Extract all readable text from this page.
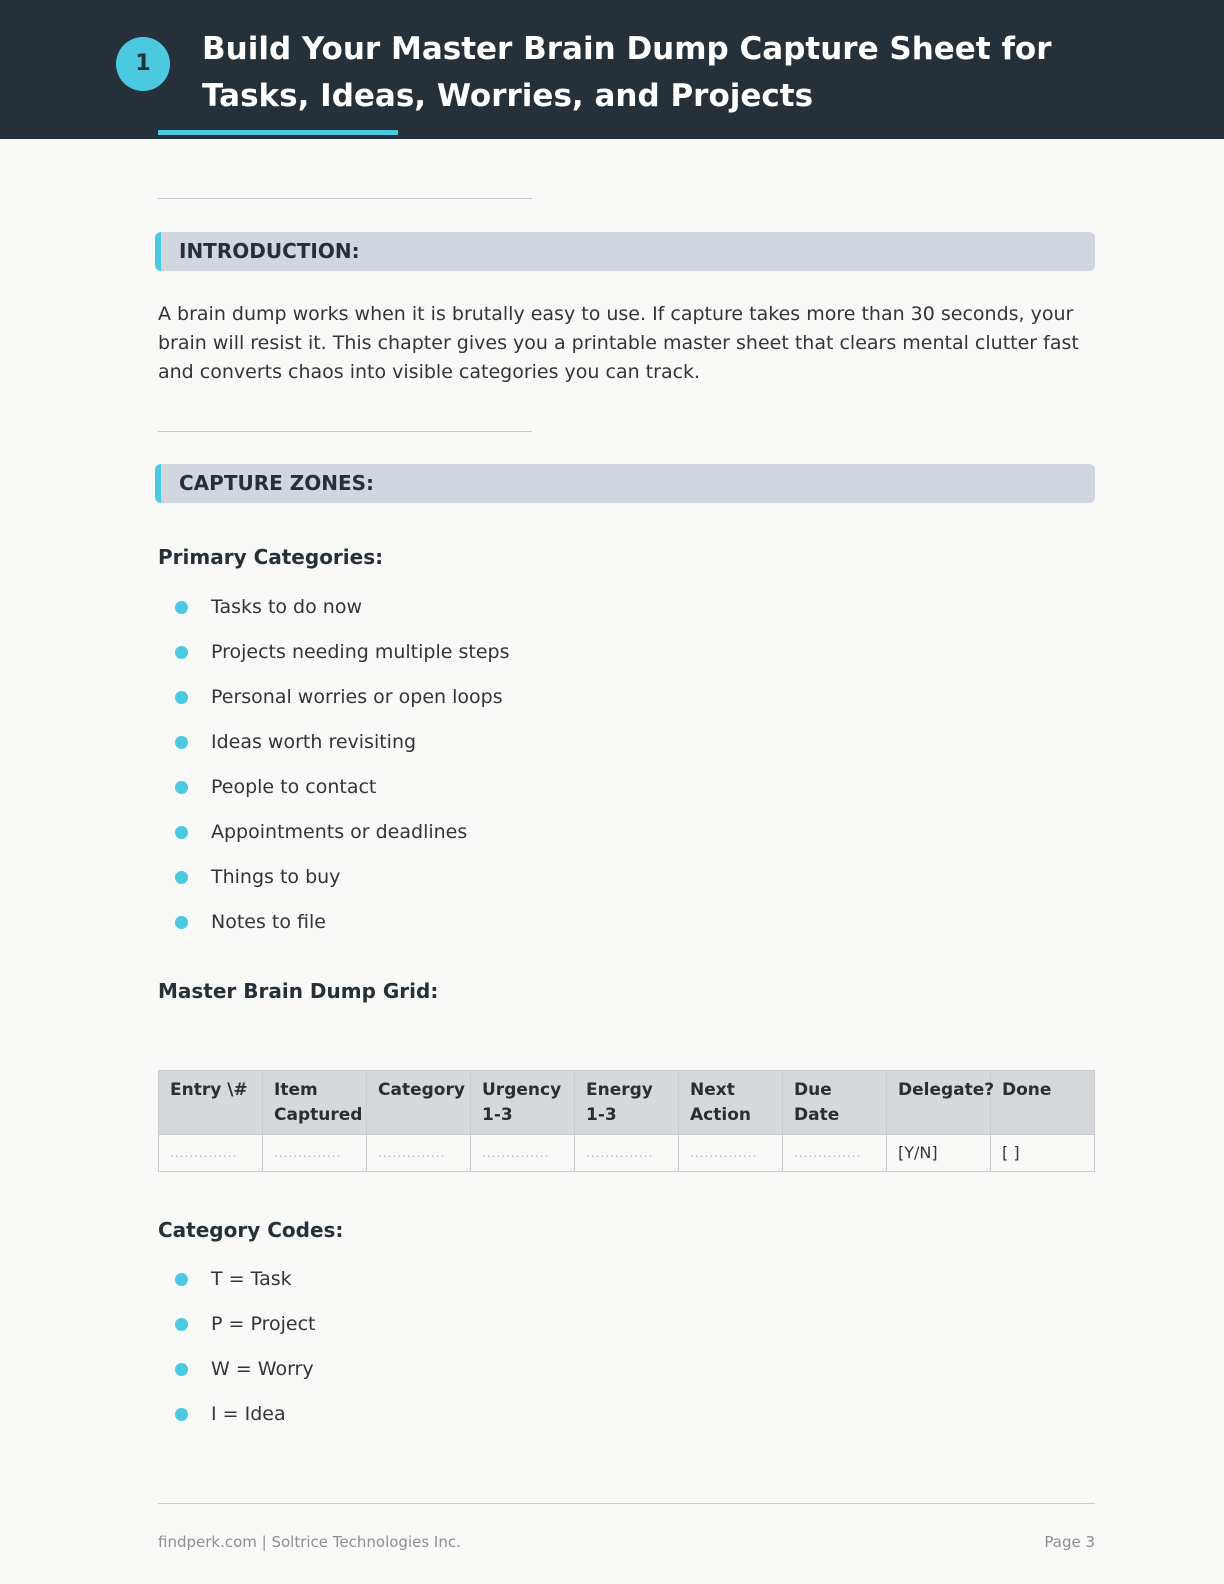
1	Build Your Master Brain Dump Capture Sheet for Tasks, Ideas, Worries, and Projects
INTRODUCTION:

A brain dump works when it is brutally easy to use. If capture takes more than 30 seconds, your brain will resist it. This chapter gives you a printable master sheet that clears mental clutter fast and converts chaos into visible categories you can track.

CAPTURE ZONES:
Primary Categories:
Tasks to do now
Projects needing multiple steps
Personal worries or open loops
Ideas worth revisiting
People to contact
Appointments or deadlines
Things to buy
Notes to file
Master Brain Dump Grid:
Entry \#	Item Captured	Category	Urgency 1-3	Energy 1-3	Next Action	Due Date	Delegate?	Done
..............	..............	..............	..............	..............	..............	..............	[Y/N]	[ ]
Category Codes:
T = Task
P = Project
W = Worry
I = Idea
findperk.com | Soltrice Technologies Inc.	Page 3
